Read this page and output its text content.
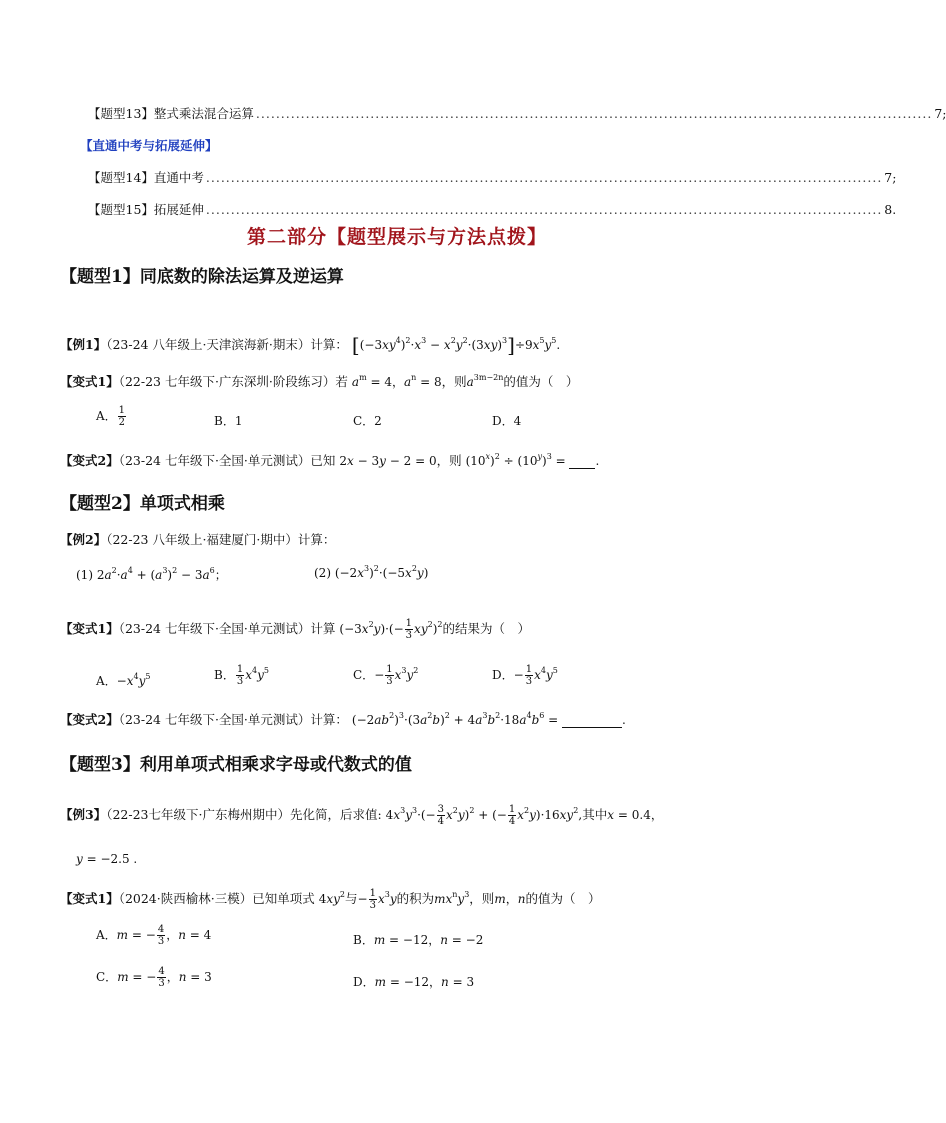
【题型13】整式乘法混合运算 ........................................................................................................................................ 7;
【直通中考与拓展延伸】
【题型14】直通中考 ........................................................................................................................................ 7;
【题型15】拓展延伸 ........................................................................................................................................ 8.
第二部分【题型展示与方法点拨】
【题型1】同底数的除法运算及逆运算
【例1】（23-24 八年级上·天津滨海新·期末）计算： $[(-3xy^4)^2\cdot x^3 - x^2y^2\cdot(3xy)^3]\div 9x^5y^5$.
【变式1】（22-23 七年级下·广东深圳·阶段练习）若 $a^m = 4$，$a^n = 8$，则$a^{3m-2n}$的值为（　）
A． $\frac{1}{2}$	B．1	C．2	D．4
【变式2】（23-24 七年级下·全国·单元测试）已知 2x − 3y − 2 = 0，则 $(10^x)^2 \div (10^y)^3$ =  .
【题型2】单项式相乘
【例2】（22-23 八年级上·福建厦门·期中）计算：
(1) $2a^2\cdot a^4 + (a^3)^2 - 3a^6$；	(2) $(-2x^3)^2\cdot(-5x^2y)$
【变式1】（23-24 七年级下·全国·单元测试）计算 $(-3x^2y)\cdot(- \frac{1}{3} xy^2)^2$的结果为（　）
A．$-x^4y^5$	B． $\frac{1}{3} x^4y^5$	C．− $\frac{1}{3} x^3y^2$	D．− $\frac{1}{3} x^4y^5$
【变式2】（23-24 七年级下·全国·单元测试）计算： $(-2ab^2)^3\cdot(3a^2b)^2 + 4a^3b^2\cdot 18a^4b^6$ =	.
【题型3】利用单项式相乘求字母或代数式的值
【例3】（22-23七年级下·广东梅州期中）先化简，后求值: $4x^3y^3\cdot(- \frac{3}{4} x^2y)^2$ + (− $\frac{1}{4} x^2y)\cdot 16xy^2$,其中x = 0.4，
y = −2.5 .
【变式1】（2024·陕西榆林·三模）已知单项式 $4xy^2$与− $\frac{1}{3} x^3y$的积为$mx^ny^3$，则m，n的值为（　）
A．m = − $\frac{4}{3}$ ，n = 4	B．m = −12，n = −2
C．m = − $\frac{4}{3}$ ，n = 3	D．m = −12，n = 3
